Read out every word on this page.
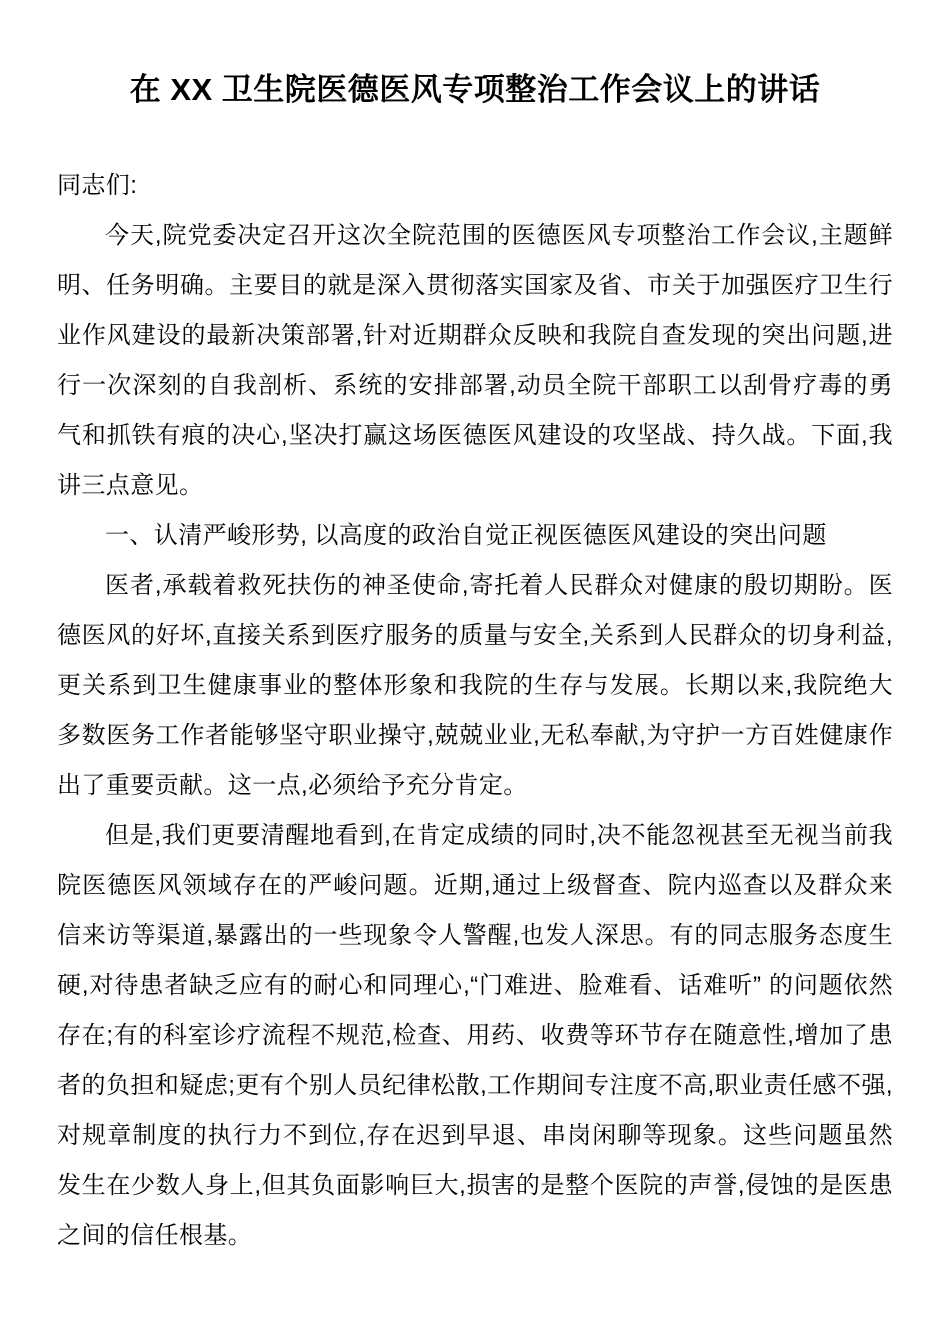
在 XX 卫生院医德医风专项整治工作会议上的讲话

同志们:

今天,院党委决定召开这次全院范围的医德医风专项整治工作会议,主题鲜明、任务明确。主要目的就是深入贯彻落实国家及省、市关于加强医疗卫生行业作风建设的最新决策部署,针对近期群众反映和我院自查发现的突出问题,进行一次深刻的自我剖析、系统的安排部署,动员全院干部职工以刮骨疗毒的勇气和抓铁有痕的决心,坚决打赢这场医德医风建设的攻坚战、持久战。下面,我讲三点意见。

一、认清严峻形势, 以高度的政治自觉正视医德医风建设的突出问题

医者,承载着救死扶伤的神圣使命,寄托着人民群众对健康的殷切期盼。医德医风的好坏,直接关系到医疗服务的质量与安全,关系到人民群众的切身利益,更关系到卫生健康事业的整体形象和我院的生存与发展。长期以来,我院绝大多数医务工作者能够坚守职业操守,兢兢业业,无私奉献,为守护一方百姓健康作出了重要贡献。这一点,必须给予充分肯定。

但是,我们更要清醒地看到,在肯定成绩的同时,决不能忽视甚至无视当前我院医德医风领域存在的严峻问题。近期,通过上级督查、院内巡查以及群众来信来访等渠道,暴露出的一些现象令人警醒,也发人深思。有的同志服务态度生硬,对待患者缺乏应有的耐心和同理心,“门难进、脸难看、话难听” 的问题依然存在;有的科室诊疗流程不规范,检查、用药、收费等环节存在随意性,增加了患者的负担和疑虑;更有个别人员纪律松散,工作期间专注度不高,职业责任感不强,对规章制度的执行力不到位,存在迟到早退、串岗闲聊等现象。这些问题虽然发生在少数人身上,但其负面影响巨大,损害的是整个医院的声誉,侵蚀的是医患之间的信任根基。
